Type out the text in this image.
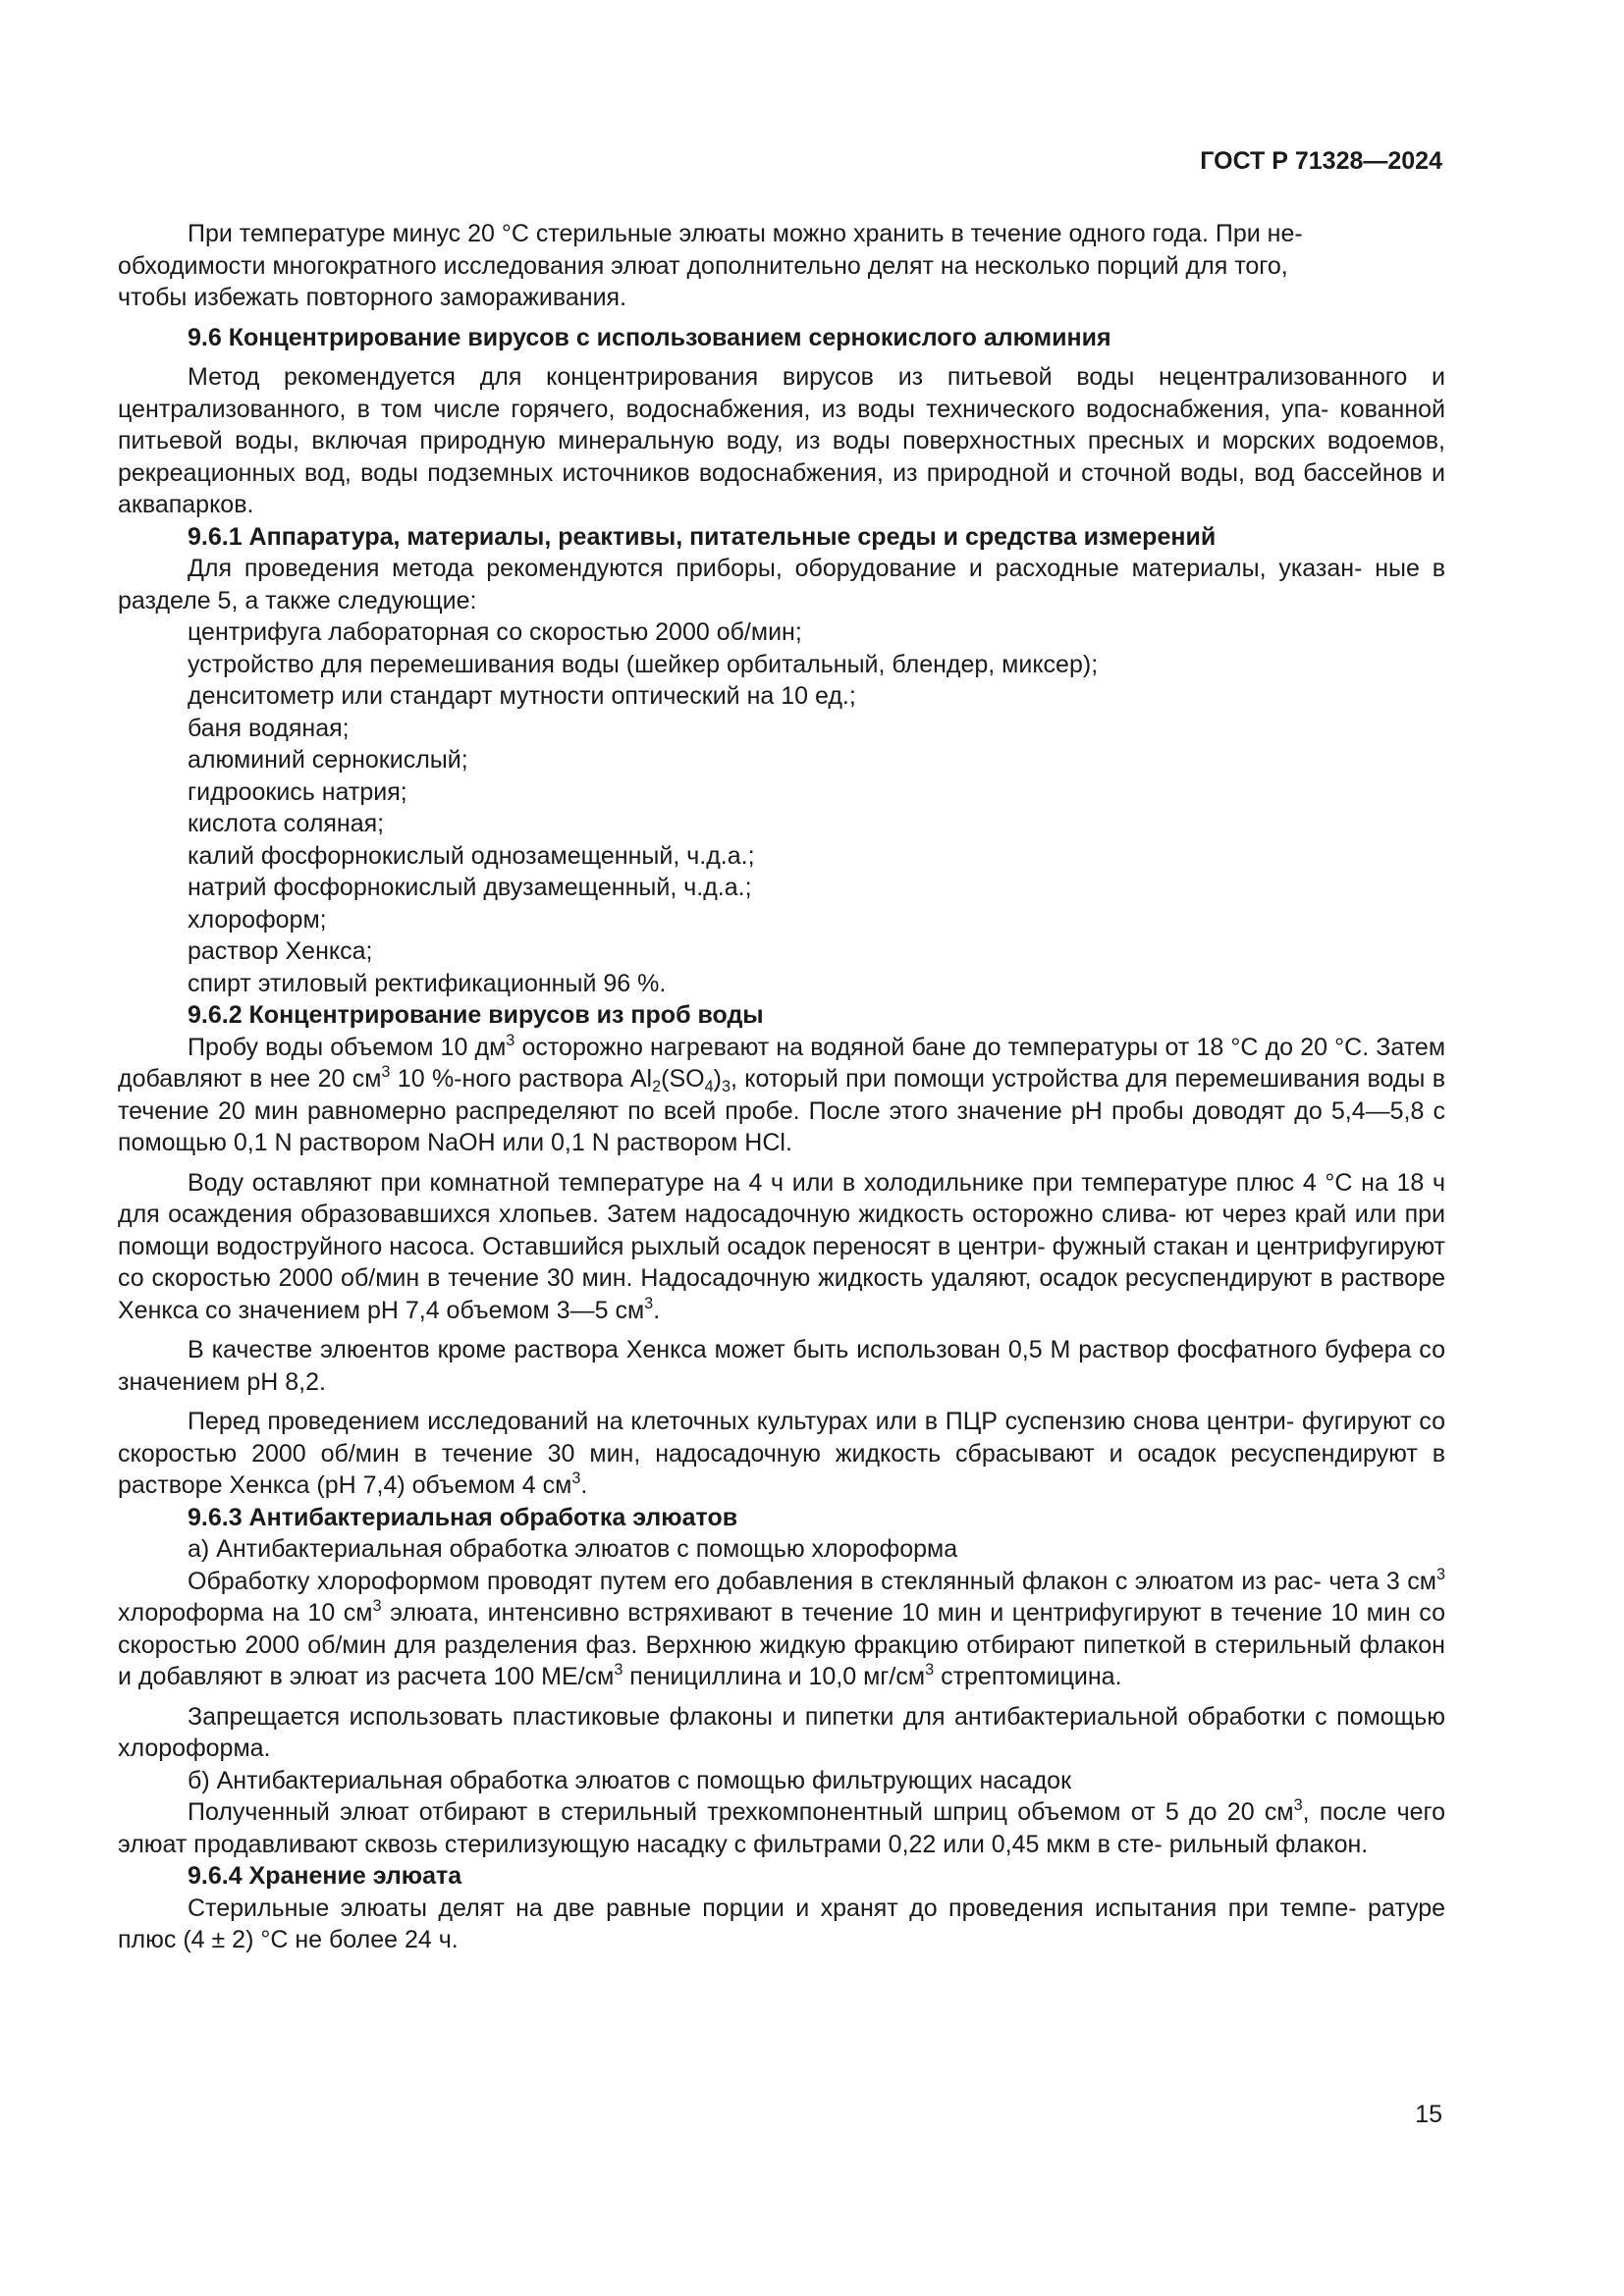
ГОСТ Р 71328—2024

При температуре минус 20 °С стерильные элюаты можно хранить в течение одного года. При не-
обходимости многократного исследования элюат дополнительно делят на несколько порций для того,
чтобы избежать повторного замораживания.

9.6 Концентрирование вирусов с использованием сернокислого алюминия

Метод рекомендуется для концентрирования вирусов из питьевой воды нецентрализованного и централизованного, в том числе горячего, водоснабжения, из воды технического водоснабжения, упа- кованной питьевой воды, включая природную минеральную воду, из воды поверхностных пресных и морских водоемов, рекреационных вод, воды подземных источников водоснабжения, из природной и сточной воды, вод бассейнов и аквапарков.

9.6.1 Аппаратура, материалы, реактивы, питательные среды и средства измерений

Для проведения метода рекомендуются приборы, оборудование и расходные материалы, указан- ные в разделе 5, а также следующие:

центрифуга лабораторная со скоростью 2000 об/мин;

устройство для перемешивания воды (шейкер орбитальный, блендер, миксер);

денситометр или стандарт мутности оптический на 10 ед.;

баня водяная;

алюминий сернокислый;

гидроокись натрия;

кислота соляная;

калий фосфорнокислый однозамещенный, ч.д.а.;

натрий фосфорнокислый двузамещенный, ч.д.а.;

хлороформ;

раствор Хенкса;

спирт этиловый ректификационный 96 %.

9.6.2 Концентрирование вирусов из проб воды

Пробу воды объемом 10 $дм^3$ осторожно нагревают на водяной бане до температуры от 18 °С до 20 °С. Затем добавляют в нее 20 $см^3$ 10 %-ного раствора $Al_2(SO_4)_3$, который при помощи устройства для перемешивания воды в течение 20 мин равномерно распределяют по всей пробе. После этого значение pH пробы доводят до 5,4—5,8 с помощью 0,1 N раствором NaOH или 0,1 N раствором HCl.

Воду оставляют при комнатной температуре на 4 ч или в холодильнике при температуре плюс 4 °С на 18 ч для осаждения образовавшихся хлопьев. Затем надосадочную жидкость осторожно слива- ют через край или при помощи водоструйного насоса. Оставшийся рыхлый осадок переносят в центри- фужный стакан и центрифугируют со скоростью 2000 об/мин в течение 30 мин. Надосадочную жидкость удаляют, осадок ресуспендируют в растворе Хенкса со значением pH 7,4 объемом 3—5 $см^3$.

В качестве элюентов кроме раствора Хенкса может быть использован 0,5 М раствор фосфатного буфера со значением pH 8,2.

Перед проведением исследований на клеточных культурах или в ПЦР суспензию снова центри- фугируют со скоростью 2000 об/мин в течение 30 мин, надосадочную жидкость сбрасывают и осадок ресуспендируют в растворе Хенкса (pH 7,4) объемом 4 $см^3$.

9.6.3 Антибактериальная обработка элюатов

а) Антибактериальная обработка элюатов с помощью хлороформа

Обработку хлороформом проводят путем его добавления в стеклянный флакон с элюатом из рас- чета 3 $см^3$ хлороформа на 10 $см^3$ элюата, интенсивно встряхивают в течение 10 мин и центрифугируют в течение 10 мин со скоростью 2000 об/мин для разделения фаз. Верхнюю жидкую фракцию отбирают пипеткой в стерильный флакон и добавляют в элюат из расчета 100 $МЕ/см^3$ пенициллина и 10,0 $мг/см^3$ стрептомицина.

Запрещается использовать пластиковые флаконы и пипетки для антибактериальной обработки с помощью хлороформа.

б) Антибактериальная обработка элюатов с помощью фильтрующих насадок

Полученный элюат отбирают в стерильный трехкомпонентный шприц объемом от 5 до 20 $см^3$, после чего элюат продавливают сквозь стерилизующую насадку с фильтрами 0,22 или 0,45 мкм в сте- рильный флакон.

9.6.4 Хранение элюата

Стерильные элюаты делят на две равные порции и хранят до проведения испытания при темпе- ратуре плюс (4 ± 2) °С не более 24 ч.

15
